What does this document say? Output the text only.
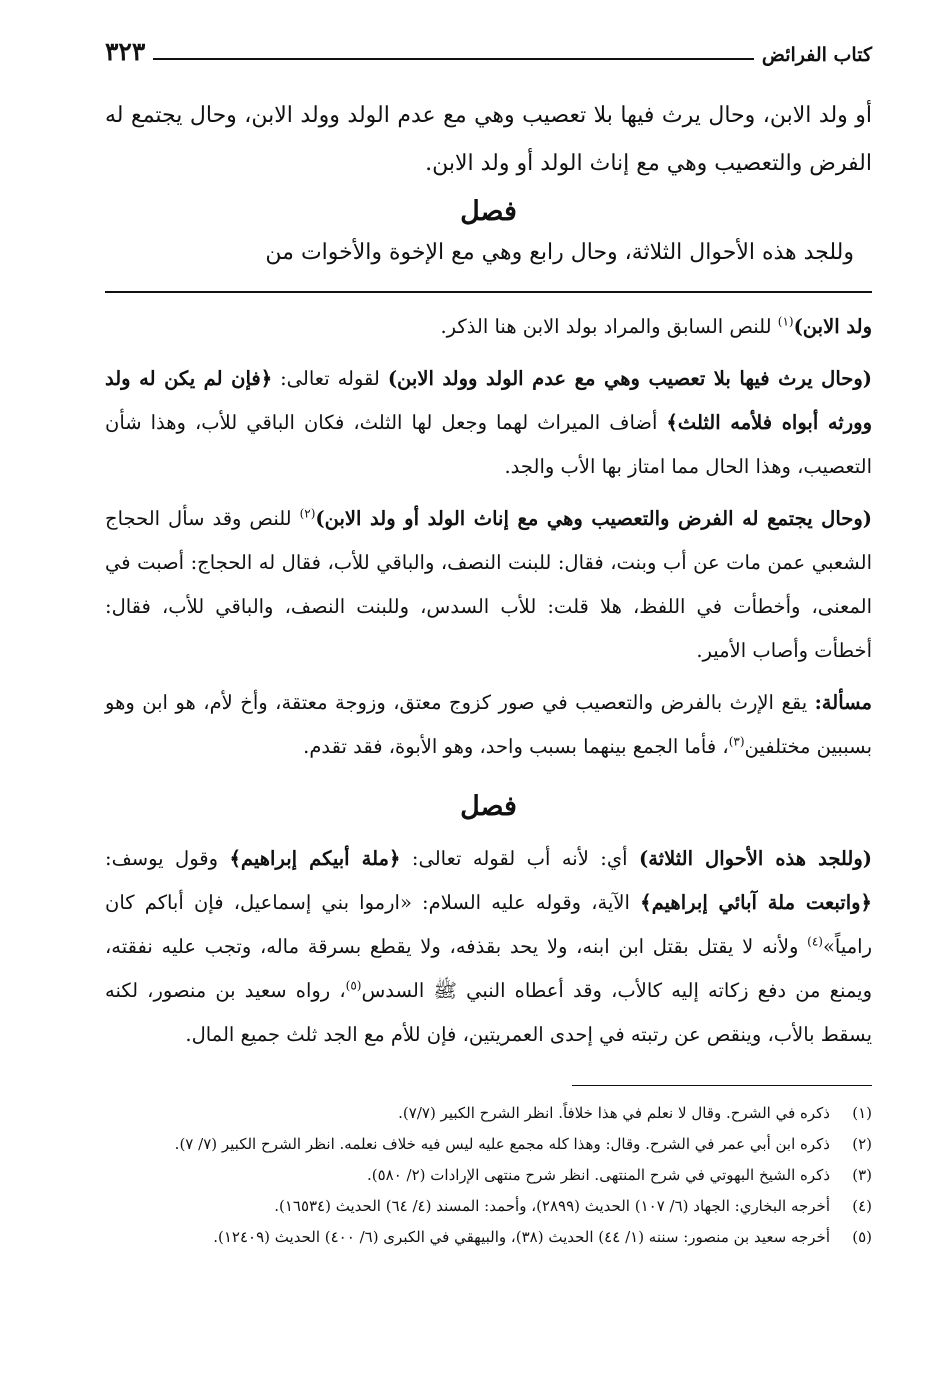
كتاب الفرائض
٣٢٣

أو ولد الابن، وحال يرث فيها بلا تعصيب وهي مع عدم الولد وولد الابن، وحال يجتمع له الفرض والتعصيب وهي مع إناث الولد أو ولد الابن.

فصل

وللجد هذه الأحوال الثلاثة، وحال رابع وهي مع الإخوة والأخوات من

ولد الابن)$^{(١)}$ للنص السابق والمراد بولد الابن هنا الذكر.

(وحال يرث فيها بلا تعصيب وهي مع عدم الولد وولد الابن) لقوله تعالى: ﴿فإن لم يكن له ولد وورثه أبواه فلأمه الثلث﴾ أضاف الميراث لهما وجعل لها الثلث، فكان الباقي للأب، وهذا شأن التعصيب، وهذا الحال مما امتاز بها الأب والجد.

(وحال يجتمع له الفرض والتعصيب وهي مع إناث الولد أو ولد الابن)$^{(٢)}$ للنص وقد سأل الحجاج الشعبي عمن مات عن أب وبنت، فقال: للبنت النصف، والباقي للأب، فقال له الحجاج: أصبت في المعنى، وأخطأت في اللفظ، هلا قلت: للأب السدس، وللبنت النصف، والباقي للأب، فقال: أخطأت وأصاب الأمير.

مسألة: يقع الإرث بالفرض والتعصيب في صور كزوج معتق، وزوجة معتقة، وأخ لأم، هو ابن وهو بسببين مختلفين$^{(٣)}$، فأما الجمع بينهما بسبب واحد، وهو الأبوة، فقد تقدم.

فصل

(وللجد هذه الأحوال الثلاثة) أي: لأنه أب لقوله تعالى: ﴿ملة أبيكم إبراهيم﴾ وقول يوسف: ﴿واتبعت ملة آبائي إبراهيم﴾ الآية، وقوله عليه السلام: «ارموا بني إسماعيل، فإن أباكم كان رامياً»$^{(٤)}$ ولأنه لا يقتل بقتل ابن ابنه، ولا يحد بقذفه، ولا يقطع بسرقة ماله، وتجب عليه نفقته، ويمنع من دفع زكاته إليه كالأب، وقد أعطاه النبي ﷺ السدس$^{(٥)}$، رواه سعيد بن منصور، لكنه يسقط بالأب، وينقص عن رتبته في إحدى العمريتين، فإن للأم مع الجد ثلث جميع المال.

(١)
ذكره في الشرح. وقال لا نعلم في هذا خلافاً. انظر الشرح الكبير (٧/٧).
(٢)
ذكره ابن أبي عمر في الشرح. وقال: وهذا كله مجمع عليه ليس فيه خلاف نعلمه. انظر الشرح الكبير (٧/ ٧).
(٣)
ذكره الشيخ البهوتي في شرح المنتهى. انظر شرح منتهى الإرادات (٢/ ٥٨٠).
(٤)
أخرجه البخاري: الجهاد (٦/ ١٠٧) الحديث (٢٨٩٩)، وأحمد: المسند (٤/ ٦٤) الحديث (١٦٥٣٤).
(٥)
أخرجه سعيد بن منصور: سننه (١/ ٤٤) الحديث (٣٨)، والبيهقي في الكبرى (٦/ ٤٠٠) الحديث (١٢٤٠٩).
